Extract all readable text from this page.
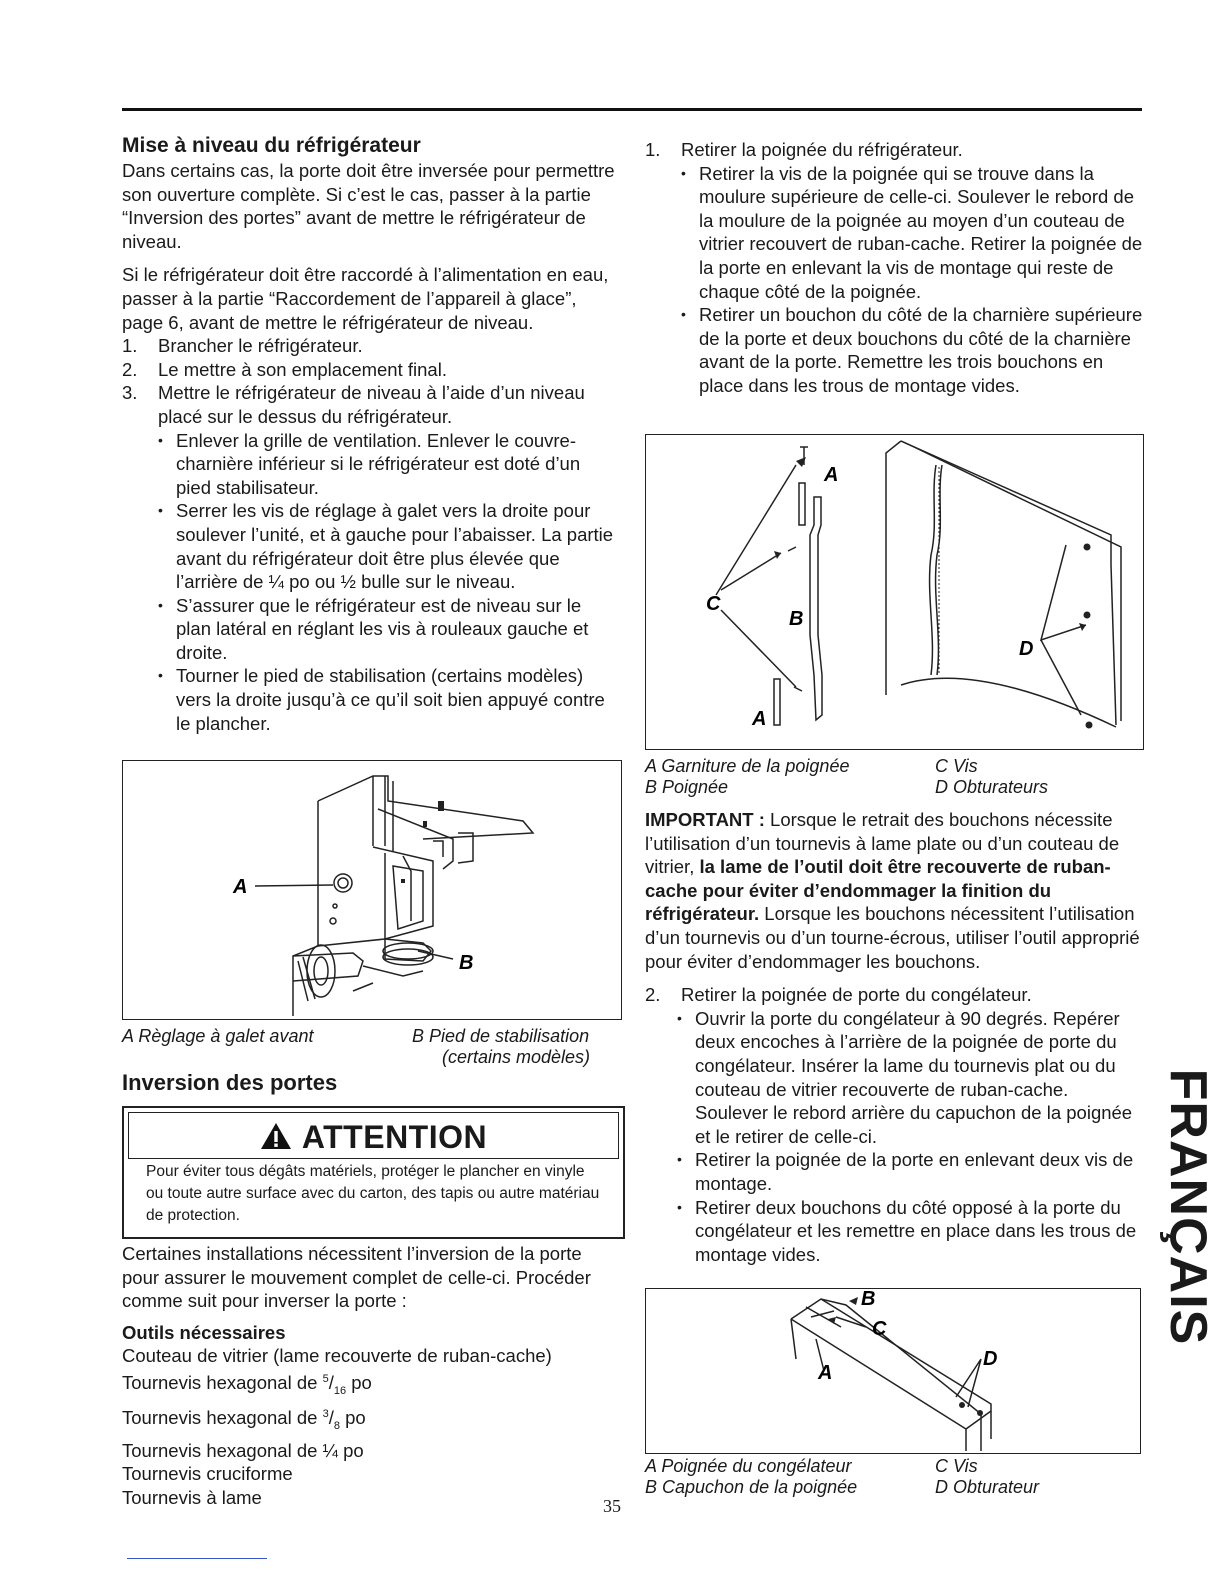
Mise à niveau du réfrigérateur

Dans certains cas, la porte doit être inversée pour permettre son ouverture complète. Si c’est le cas, passer à la partie “Inversion des portes” avant de mettre le réfrigérateur de niveau.

Si le réfrigérateur doit être raccordé à l’alimentation en eau, passer à la partie “Raccordement de l’appareil à glace”, page 6, avant de mettre le réfrigérateur de niveau.

1. Brancher le réfrigérateur.
2. Le mettre à son emplacement final.
3. Mettre le réfrigérateur de niveau à l’aide d’un niveau placé sur le dessus du réfrigérateur.
• Enlever la grille de ventilation. Enlever le couvre-charnière inférieur si le réfrigérateur est doté d’un pied stabilisateur.
• Serrer les vis de réglage à galet vers la droite pour soulever l’unité, et à gauche pour l’abaisser. La partie avant du réfrigérateur doit être plus élevée que l’arrière de ¼ po ou ½ bulle sur le niveau.
• S’assurer que le réfrigérateur est de niveau sur le plan latéral en réglant les vis à rouleaux gauche et droite.
• Tourner le pied de stabilisation (certains modèles) vers la droite jusqu’à ce qu’il soit bien appuyé contre le plancher.
A
B
A Règlage à galet avant	B Pied de stabilisation
(certains modèles)
Inversion des portes
ATTENTION
Pour éviter tous dégâts matériels, protéger le plancher en vinyle ou toute autre surface avec du carton, des tapis ou autre matériau de protection.

Certaines installations nécessitent l’inversion de la porte pour assurer le mouvement complet de celle-ci. Procéder comme suit pour inverser la porte :

Outils nécessaires

Couteau de vitrier (lame recouverte de ruban-cache)

Tournevis hexagonal de $^5/_{16}$ po

Tournevis hexagonal de $^3/_8$ po

Tournevis hexagonal de ¼ po

Tournevis cruciforme

Tournevis à lame

1. Retirer la poignée du réfrigérateur.
• Retirer la vis de la poignée qui se trouve dans la moulure supérieure de celle-ci. Soulever le rebord de la moulure de la poignée au moyen d’un couteau de vitrier recouvert de ruban-cache. Retirer la poignée de la porte en enlevant la vis de montage qui reste de chaque côté de la poignée.
• Retirer un bouchon du côté de la charnière supérieure de la porte et deux bouchons du côté de la charnière avant de la porte. Remettre les trois bouchons en place dans les trous de montage vides.
A
C
B
A
D
A Garniture de la poignée	C Vis
B Poignée	D Obturateurs

IMPORTANT : Lorsque le retrait des bouchons nécessite l’utilisation d’un tournevis à lame plate ou d’un couteau de vitrier, la lame de l’outil doit être recouverte de ruban-cache pour éviter d’endommager la finition du réfrigérateur. Lorsque les bouchons nécessitent l’utilisation d’un tournevis ou d’un tourne-écrous, utiliser l’outil approprié pour éviter d’endommager les bouchons.

2. Retirer la poignée de porte du congélateur.
• Ouvrir la porte du congélateur à 90 degrés. Repérer deux encoches à l’arrière de la poignée de porte du congélateur. Insérer la lame du tournevis plat ou du couteau de vitrier recouverte de ruban-cache. Soulever le rebord arrière du capuchon de la poignée et le retirer de celle-ci.
• Retirer la poignée de la porte en enlevant deux vis de montage.
• Retirer deux bouchons du côté opposé à la porte du congélateur et les remettre en place dans les trous de montage vides.
B
C
A
D
A Poignée du congélateur	C Vis
B Capuchon de la poignée	D Obturateur
FRANÇAIS
35
